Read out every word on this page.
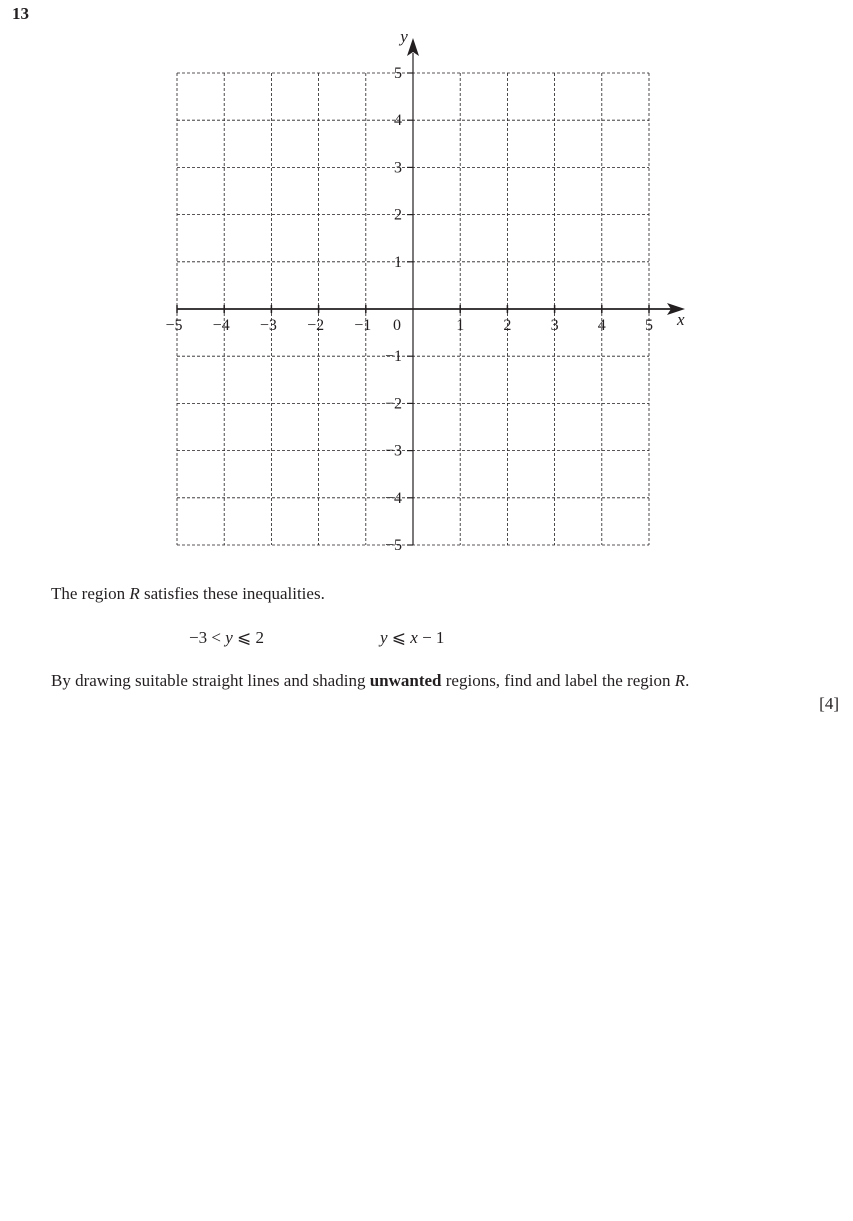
13
−5 −4 −3 −2 −1	1 2 3 4 5
5
4
3
2
1
−1
−2
−3
−4
−5
0	x
y
The region R satisfies these inequalities.
−3 < y ⩽ 2	y ⩽ x − 1
By drawing suitable straight lines and shading unwanted regions, find and label the region R.
[4]
